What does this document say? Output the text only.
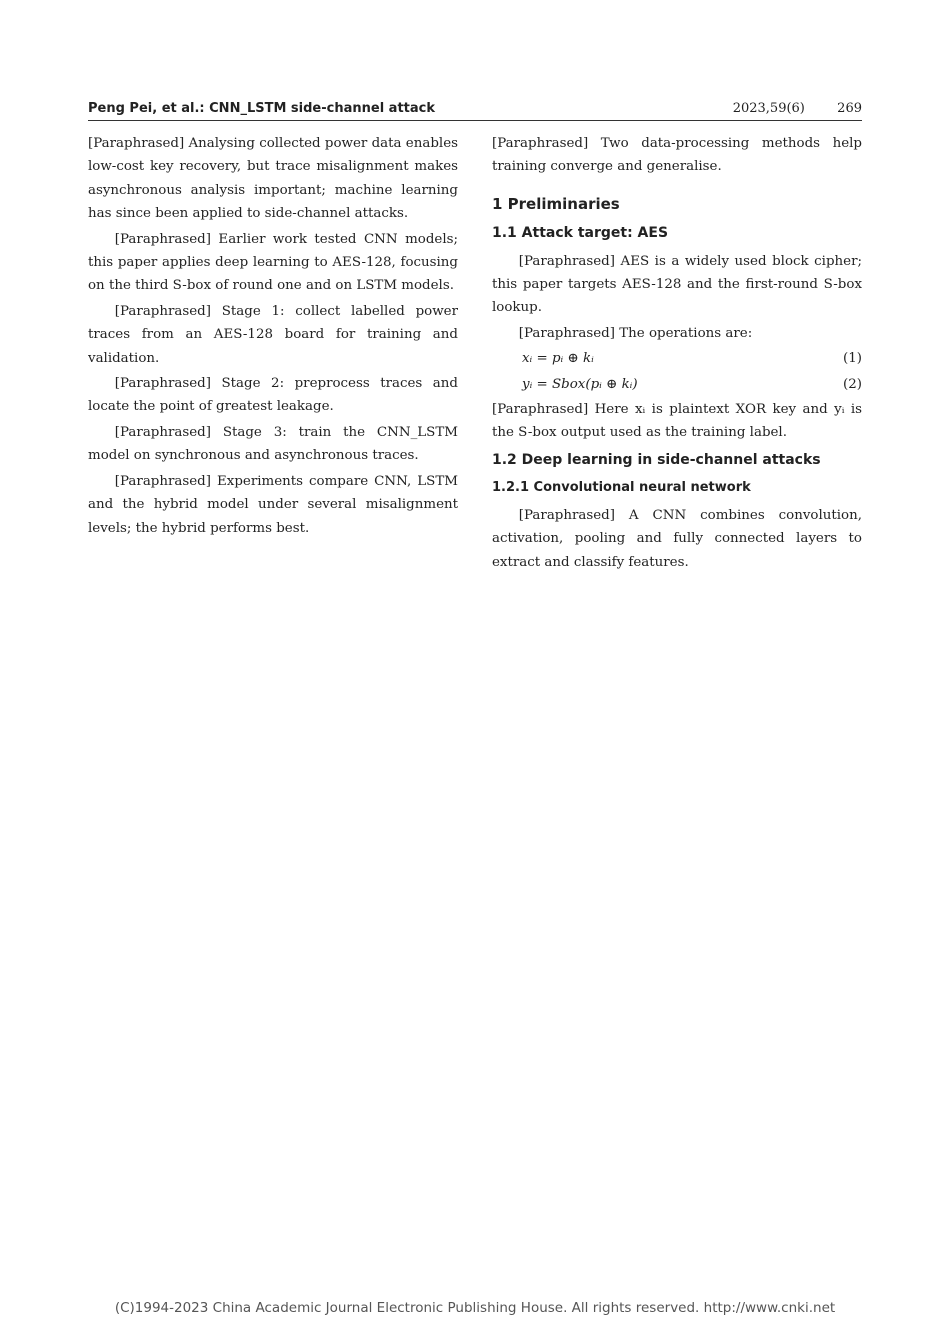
Peng Pei, et al.: CNN_LSTM side-channel attack	2023,59(6) 269

[Paraphrased] Analysing collected power data enables low-cost key recovery, but trace misalignment makes asynchronous analysis important; machine learning has since been applied to side-channel attacks.

[Paraphrased] Earlier work tested CNN models; this paper applies deep learning to AES-128, focusing on the third S-box of round one and on LSTM models.

[Paraphrased] Stage 1: collect labelled power traces from an AES-128 board for training and validation.

[Paraphrased] Stage 2: preprocess traces and locate the point of greatest leakage.

[Paraphrased] Stage 3: train the CNN_LSTM model on synchronous and asynchronous traces.

[Paraphrased] Experiments compare CNN, LSTM and the hybrid model under several misalignment levels; the hybrid performs best.

[Paraphrased] Two data-processing methods help training converge and generalise.

1 Preliminaries
1.1 Attack target: AES

[Paraphrased] AES is a widely used block cipher; this paper targets AES-128 and the first-round S-box lookup.

[Paraphrased] The operations are:

xᵢ = pᵢ ⊕ kᵢ	(1)
yᵢ = Sbox(pᵢ ⊕ kᵢ)	(2)

[Paraphrased] Here xᵢ is plaintext XOR key and yᵢ is the S-box output used as the training label.

1.2 Deep learning in side-channel attacks
1.2.1 Convolutional neural network

[Paraphrased] A CNN combines convolution, activation, pooling and fully connected layers to extract and classify features.

(C)1994-2023 China Academic Journal Electronic Publishing House. All rights reserved. http://www.cnki.net
